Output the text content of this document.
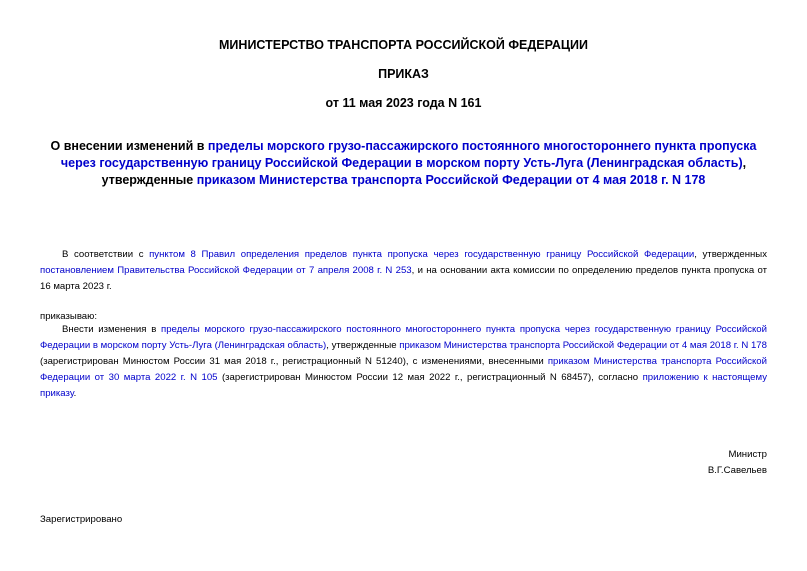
МИНИСТЕРСТВО ТРАНСПОРТА РОССИЙСКОЙ ФЕДЕРАЦИИ
ПРИКАЗ
от 11 мая 2023 года N 161
О внесении изменений в пределы морского грузо-пассажирского постоянного многостороннего пункта пропуска через государственную границу Российской Федерации в морском порту Усть-Луга (Ленинградская область), утвержденные приказом Министерства транспорта Российской Федерации от 4 мая 2018 г. N 178
В соответствии с пунктом 8 Правил определения пределов пункта пропуска через государственную границу Российской Федерации, утвержденных постановлением Правительства Российской Федерации от 7 апреля 2008 г. N 253, и на основании акта комиссии по определению пределов пункта пропуска от 16 марта 2023 г.
приказываю:
Внести изменения в пределы морского грузо-пассажирского постоянного многостороннего пункта пропуска через государственную границу Российской Федерации в морском порту Усть-Луга (Ленинградская область), утвержденные приказом Министерства транспорта Российской Федерации от 4 мая 2018 г. N 178 (зарегистрирован Минюстом России 31 мая 2018 г., регистрационный N 51240), с изменениями, внесенными приказом Министерства транспорта Российской Федерации от 30 марта 2022 г. N 105 (зарегистрирован Минюстом России 12 мая 2022 г., регистрационный N 68457), согласно приложению к настоящему приказу.
Министр
В.Г.Савельев
Зарегистрировано
